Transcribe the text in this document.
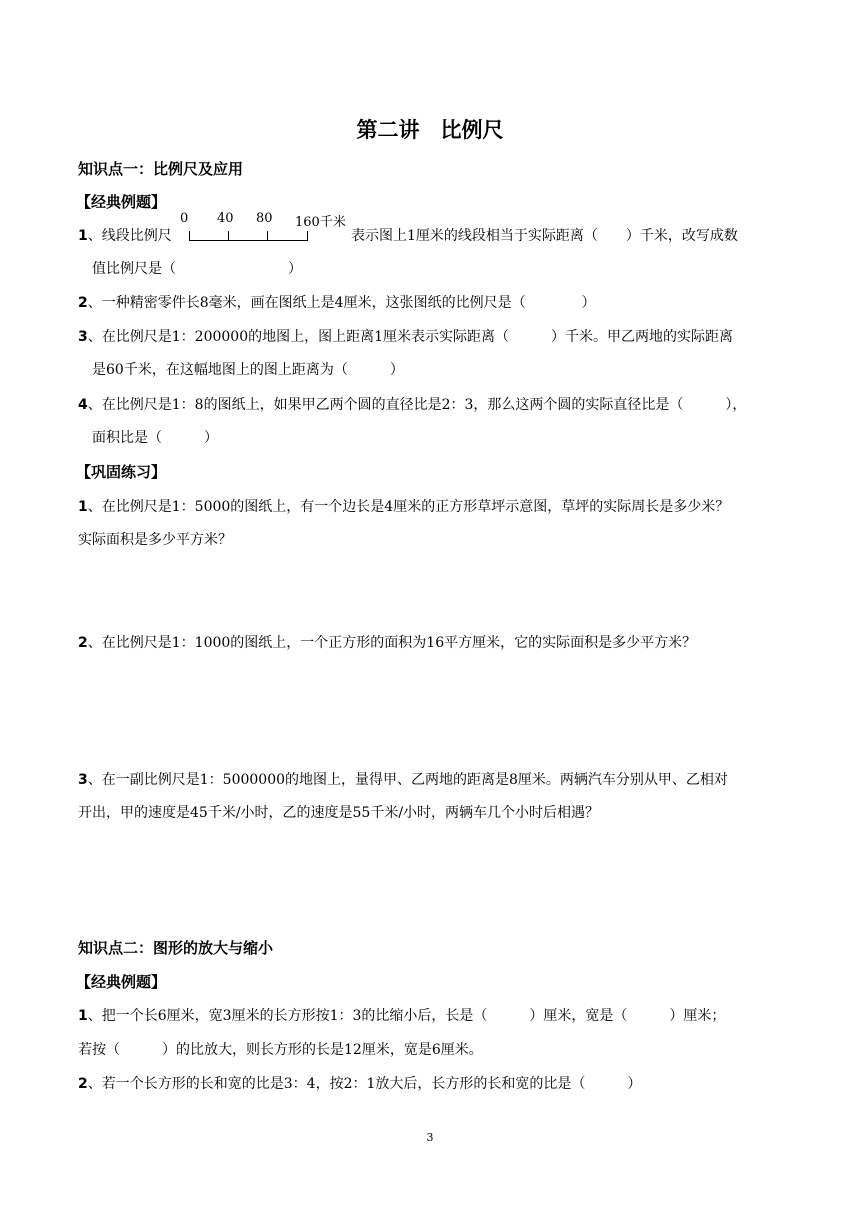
第二讲　比例尺
知识点一：比例尺及应用
【经典例题】
1、线段比例尺
0 40 80 160千米
表示图上1厘米的线段相当于实际距离（　　）千米，改写成数
值比例尺是（　　　　　　　　）
2、一种精密零件长8毫米，画在图纸上是4厘米，这张图纸的比例尺是（　　　　）
3、在比例尺是1：200000的地图上，图上距离1厘米表示实际距离（　　　）千米。甲乙两地的实际距离
是60千米，在这幅地图上的图上距离为（　　　）
4、在比例尺是1：8的图纸上，如果甲乙两个圆的直径比是2：3，那么这两个圆的实际直径比是（　　　），
面积比是（　　　）
【巩固练习】
1、在比例尺是1：5000的图纸上，有一个边长是4厘米的正方形草坪示意图，草坪的实际周长是多少米？
实际面积是多少平方米？
2、在比例尺是1：1000的图纸上，一个正方形的面积为16平方厘米，它的实际面积是多少平方米？
3、在一副比例尺是1：5000000的地图上，量得甲、乙两地的距离是8厘米。两辆汽车分别从甲、乙相对
开出，甲的速度是45千米/小时，乙的速度是55千米/小时，两辆车几个小时后相遇？
知识点二：图形的放大与缩小
【经典例题】
1、把一个长6厘米，宽3厘米的长方形按1：3的比缩小后，长是（　　　）厘米，宽是（　　　）厘米；
若按（　　　）的比放大，则长方形的长是12厘米，宽是6厘米。
2、若一个长方形的长和宽的比是3：4，按2：1放大后，长方形的长和宽的比是（　　　）
3
